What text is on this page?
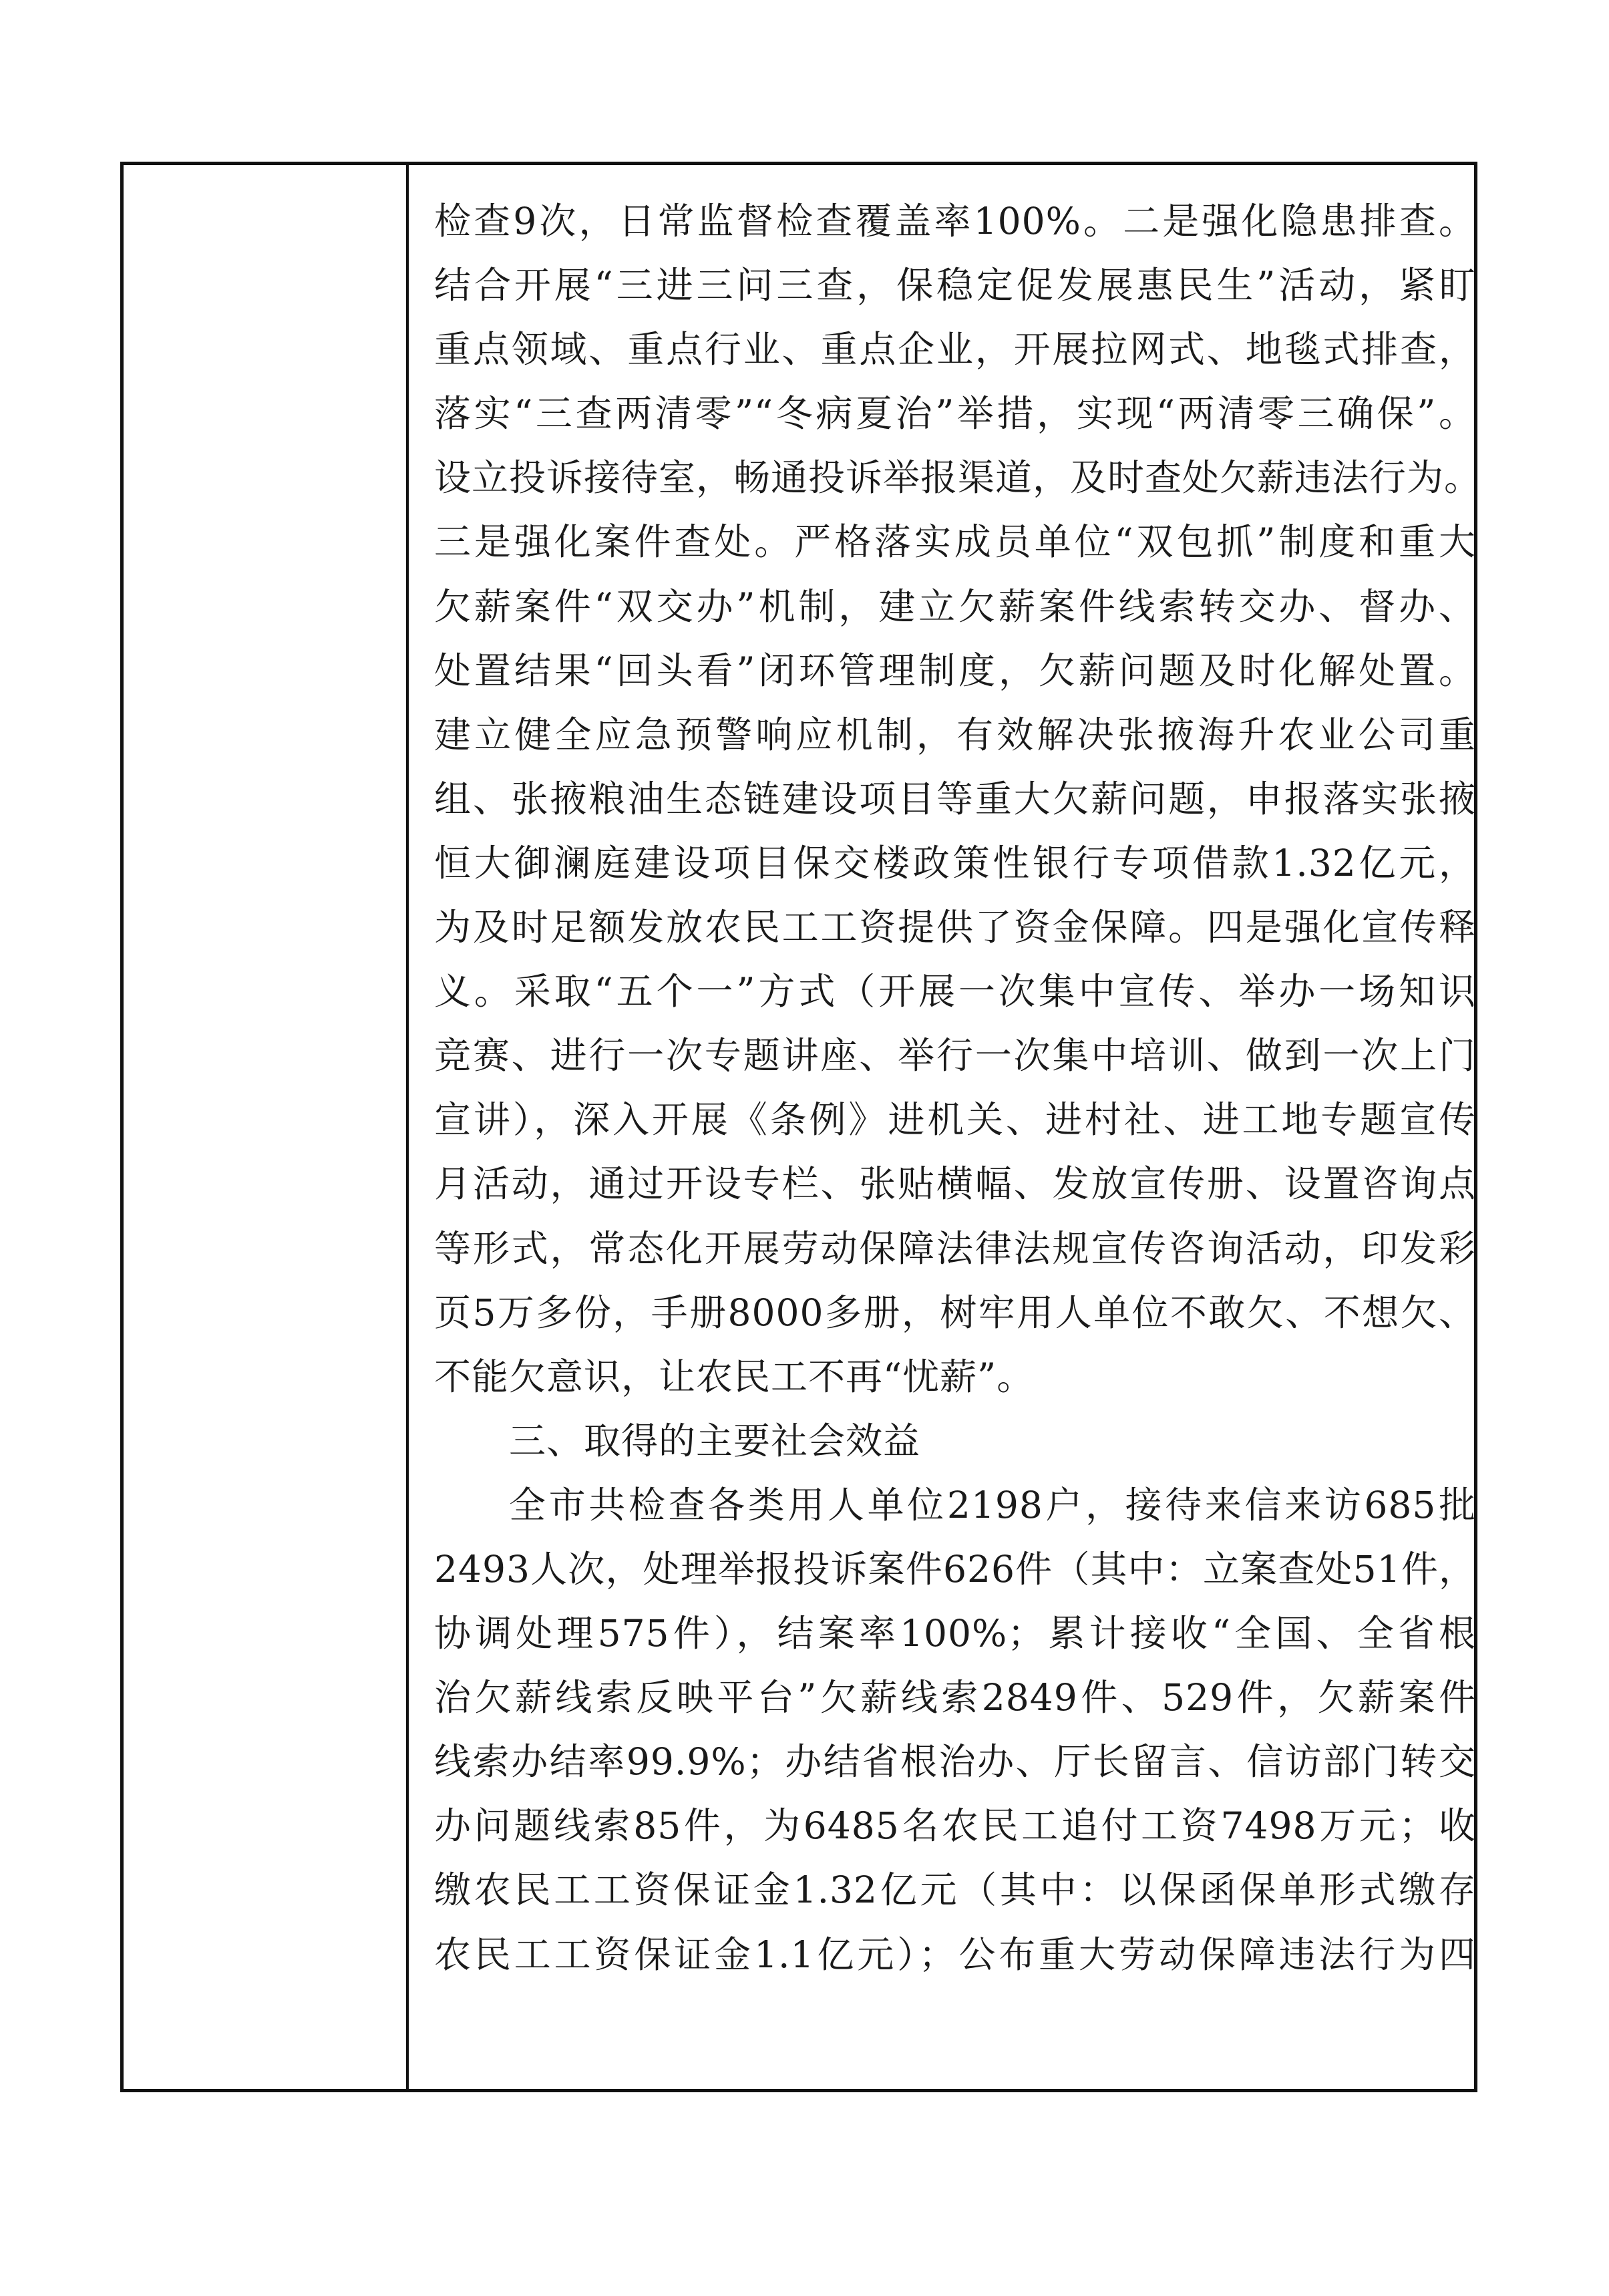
检查9次，日常监督检查覆盖率100%。二是强化隐患排查。
结合开展“三进三问三查，保稳定促发展惠民生”活动，紧盯
重点领域、重点行业、重点企业，开展拉网式、地毯式排查，
落实“三查两清零”“冬病夏治”举措，实现“两清零三确保”。
设立投诉接待室，畅通投诉举报渠道，及时查处欠薪违法行为。
三是强化案件查处。严格落实成员单位“双包抓”制度和重大
欠薪案件“双交办”机制，建立欠薪案件线索转交办、督办、
处置结果“回头看”闭环管理制度，欠薪问题及时化解处置。
建立健全应急预警响应机制，有效解决张掖海升农业公司重
组、张掖粮油生态链建设项目等重大欠薪问题，申报落实张掖
恒大御澜庭建设项目保交楼政策性银行专项借款1.32亿元，
为及时足额发放农民工工资提供了资金保障。四是强化宣传释
义。采取“五个一”方式（开展一次集中宣传、举办一场知识
竞赛、进行一次专题讲座、举行一次集中培训、做到一次上门
宣讲），深入开展《条例》进机关、进村社、进工地专题宣传
月活动，通过开设专栏、张贴横幅、发放宣传册、设置咨询点
等形式，常态化开展劳动保障法律法规宣传咨询活动，印发彩
页5万多份，手册8000多册，树牢用人单位不敢欠、不想欠、
不能欠意识，让农民工不再“忧薪”。
三、取得的主要社会效益
全市共检查各类用人单位2198户，接待来信来访685批
2493人次，处理举报投诉案件626件（其中：立案查处51件，
协调处理575件），结案率100%；累计接收“全国、全省根
治欠薪线索反映平台”欠薪线索2849件、529件，欠薪案件
线索办结率99.9%；办结省根治办、厅长留言、信访部门转交
办问题线索85件，为6485名农民工追付工资7498万元；收
缴农民工工资保证金1.32亿元（其中：以保函保单形式缴存
农民工工资保证金1.1亿元）；公布重大劳动保障违法行为四
